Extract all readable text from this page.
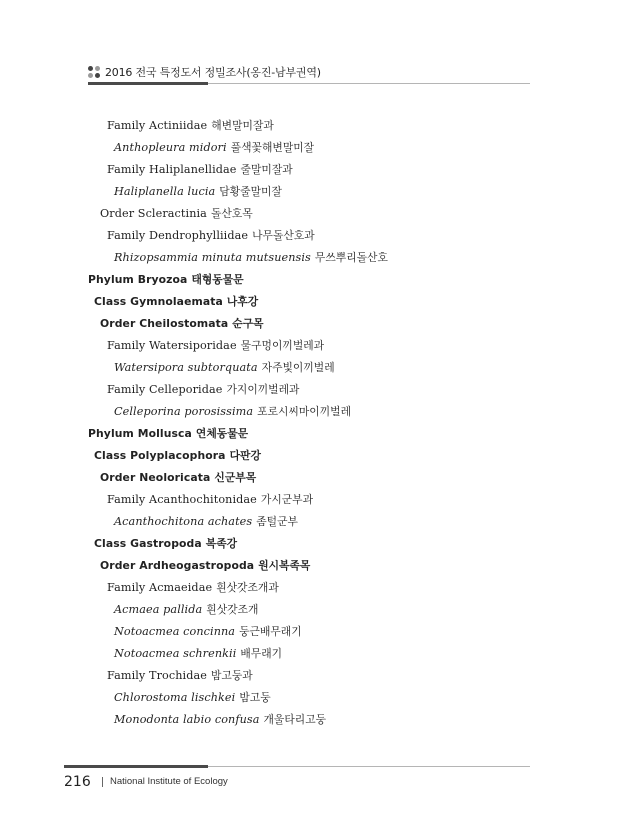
2016 전국 특정도서 정밀조사(옹진-남부권역)
Family Actiniidae 해변말미잘과
Anthopleura midori 풀색꽃해변말미잘
Family Haliplanellidae 줄말미잘과
Haliplanella lucia 담황줄말미잘
Order Scleractinia 돌산호목
Family Dendrophylliidae 나무돌산호과
Rhizopsammia minuta mutsuensis 무쓰뿌리돌산호
Phylum Bryozoa 태형동물문
Class Gymnolaemata 나후강
Order Cheilostomata 순구목
Family Watersiporidae 물구멍이끼벌레과
Watersipora subtorquata 자주빛이끼벌레
Family Celleporidae 가지이끼벌레과
Celleporina porosissima 포로시씨마이끼벌레
Phylum Mollusca 연체동물문
Class Polyplacophora 다판강
Order Neoloricata 신군부목
Family Acanthochitonidae 가시군부과
Acanthochitona achates 좀털군부
Class Gastropoda 복족강
Order Ardheogastropoda 원시복족목
Family Acmaeidae 흰삿갓조개과
Acmaea pallida 흰삿갓조개
Notoacmea concinna 둥근배무래기
Notoacmea schrenkii 배무래기
Family Trochidae 밤고둥과
Chlorostoma lischkei 밤고둥
Monodonta labio confusa 개울타리고둥
216 National Institute of Ecology
